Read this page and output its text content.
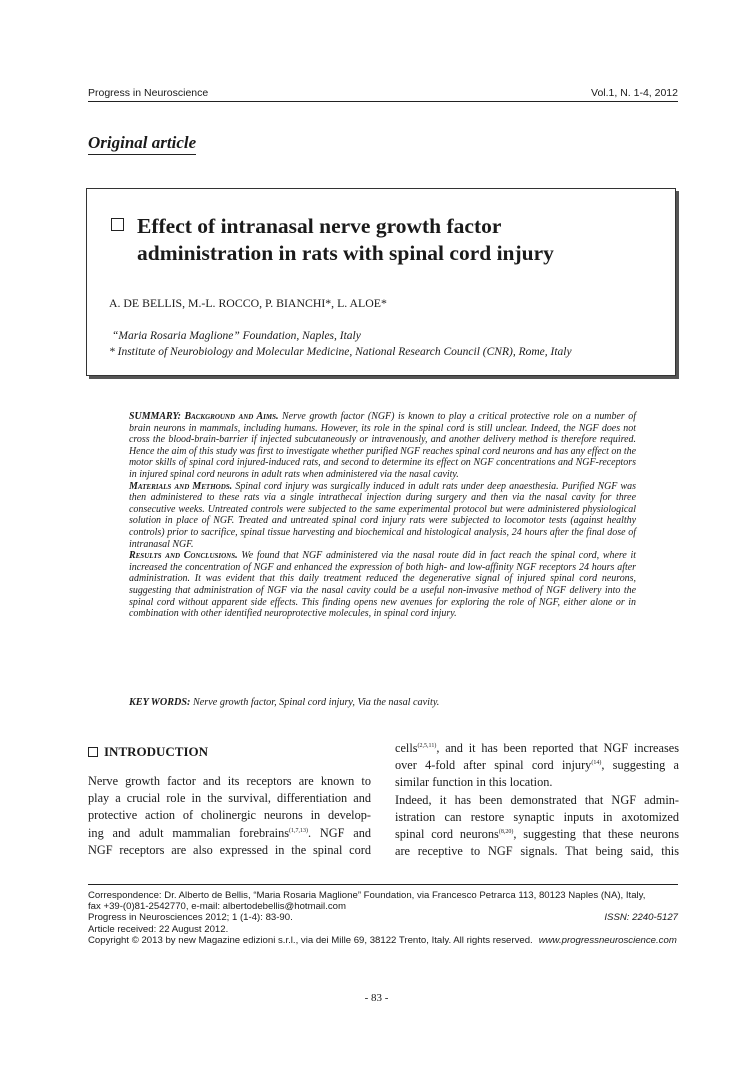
Progress in Neuroscience	Vol.1, N. 1-4, 2012
Original article
Effect of intranasal nerve growth factor
administration in rats with spinal cord injury
A. DE BELLIS, M.-L. ROCCO, P. BIANCHI*, L. ALOE*
“Maria Rosaria Maglione” Foundation, Naples, Italy
* Institute of Neurobiology and Molecular Medicine, National Research Council (CNR), Rome, Italy

SUMMARY: Background and Aims. Nerve growth factor (NGF) is known to play a critical protective role on a number of brain neurons in mammals, including humans. However, its role in the spinal cord is still unclear. Indeed, the NGF does not cross the blood-brain-barrier if injected subcutaneously or intravenously, and another delivery method is therefore required. Hence the aim of this study was first to investigate whether purified NGF reaches spinal cord neurons and has any effect on the motor skills of spinal cord injured-induced rats, and second to determine its effect on NGF concentrations and NGF-receptors in injured spinal cord neurons in adult rats when administered via the nasal cavity.

Materials and Methods. Spinal cord injury was surgically induced in adult rats under deep anaesthesia. Purified NGF was then administered to these rats via a single intrathecal injection during surgery and then via the nasal cavity for three consecutive weeks. Untreated controls were subjected to the same experimental protocol but were administered physiological solution in place of NGF. Treated and untreated spinal cord injury rats were subjected to locomotor tests (against healthy controls) prior to sacrifice, spinal tissue harvesting and biochemical and histological analysis, 24 hours after the final dose of intranasal NGF.

Results and Conclusions. We found that NGF administered via the nasal route did in fact reach the spinal cord, where it increased the concentration of NGF and enhanced the expression of both high- and low-affinity NGF receptors 24 hours after administration. It was evident that this daily treatment reduced the degenerative signal of injured spinal cord neurons, suggesting that administration of NGF via the nasal cavity could be a useful non-invasive method of NGF delivery into the spinal cord without apparent side effects. This finding opens new avenues for exploring the role of NGF, either alone or in combination with other identified neuroprotective molecules, in spinal cord injury.

KEY WORDS: Nerve growth factor, Spinal cord injury, Via the nasal cavity.
INTRODUCTION
Nerve growth factor and its receptors are known to
play a crucial role in the survival, differentiation and
protective action of cholinergic neurons in develop-
ing and adult mammalian forebrains$^{(1,7,13)}$. NGF and
NGF receptors are also expressed in the spinal cord
cells$^{(2,5,11)}$, and it has been reported that NGF increases
over 4-fold after spinal cord injury$^{(14)}$, suggesting a
similar function in this location.
Indeed, it has been demonstrated that NGF admin-
istration can restore synaptic inputs in axotomized
spinal cord neurons$^{(8,20)}$, suggesting that these neurons
are receptive to NGF signals. That being said, this
Correspondence: Dr. Alberto de Bellis, “Maria Rosaria Maglione” Foundation, via Francesco Petrarca 113, 80123 Naples (NA), Italy,
fax +39-(0)81-2542770, e-mail: albertodebellis@hotmail.com
Progress in Neurosciences 2012; 1 (1-4): 83-90.	ISSN: 2240-5127
Article received: 22 August 2012.
Copyright © 2013 by new Magazine edizioni s.r.l., via dei Mille 69, 38122 Trento, Italy. All rights reserved. www.progressneuroscience.com
- 83 -
